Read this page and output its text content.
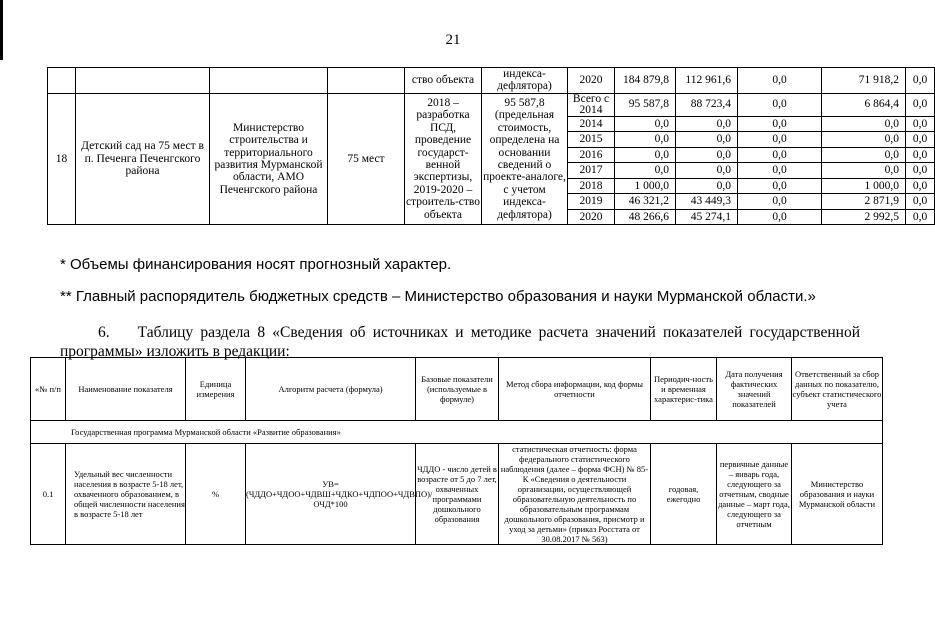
21
				ство объекта	индекса- дефлятора)	2020	184 879,8	112 961,6	0,0	71 918,2	0,0
18	Детский сад на 75 мест в п. Печенга Печенгского района	Министерство строительства и территориального развития Мурманской области, АМО Печенгского района	75 мест	2018 – разработка ПСД, проведение государст-венной экспертизы, 2019-2020 – строитель-ство объекта	95 587,8 (предельная стоимость, определена на основании сведений о проекте-аналоге, с учетом индекса-дефлятора)	Всего с 2014	95 587,8	88 723,4	0,0	6 864,4	0,0
						2014	0,0	0,0	0,0	0,0	0,0
						2015	0,0	0,0	0,0	0,0	0,0
						2016	0,0	0,0	0,0	0,0	0,0
						2017	0,0	0,0	0,0	0,0	0,0
						2018	1 000,0	0,0	0,0	1 000,0	0,0
						2019	46 321,2	43 449,3	0,0	2 871,9	0,0
						2020	48 266,6	45 274,1	0,0	2 992,5	0,0
* Объемы финансирования носят прогнозный характер.
** Главный распорядитель бюджетных средств – Министерство образования и науки Мурманской области.»
6. Таблицу раздела 8 «Сведения об источниках и методике расчета значений показателей государственной программы» изложить в редакции:
«№ п/п	Наименование показателя	Единица измерения	Алгоритм расчета (формула)	Базовые показатели (используемые в формуле)	Метод сбора информации, код формы отчетности	Периодич-ность и временная характерис-тика	Дата получения фактических значений показателей	Ответственный за сбор данных по показателю, субъект статистического учета
Государственная программа Мурманской области «Развитие образования»								
0.1	Удельный вес численности населения в возрасте 5-18 лет, охваченного образованием, в общей численности населения в возрасте 5-18 лет	%	УВ=(ЧДДО+ЧДОО+ЧДВШ+ЧДКО+ЧДПОО+ЧДВПО)/ОЧД*100	ЧДДО - число детей в возрасте от 5 до 7 лет, охваченных программами дошкольного образования	статистическая отчетность: форма федерального статистического наблюдения (далее – форма ФСН) № 85-К «Сведения о деятельности организации, осуществляющей образовательную деятельность по образовательным программам дошкольного образования, присмотр и уход за детьми» (приказ Росстата от 30.08.2017 № 563)	годовая, ежегодно	первичные данные – январь года, следующего за отчетным, сводные данные – март года, следующего за отчетным	Министерство образования и науки Мурманской области
